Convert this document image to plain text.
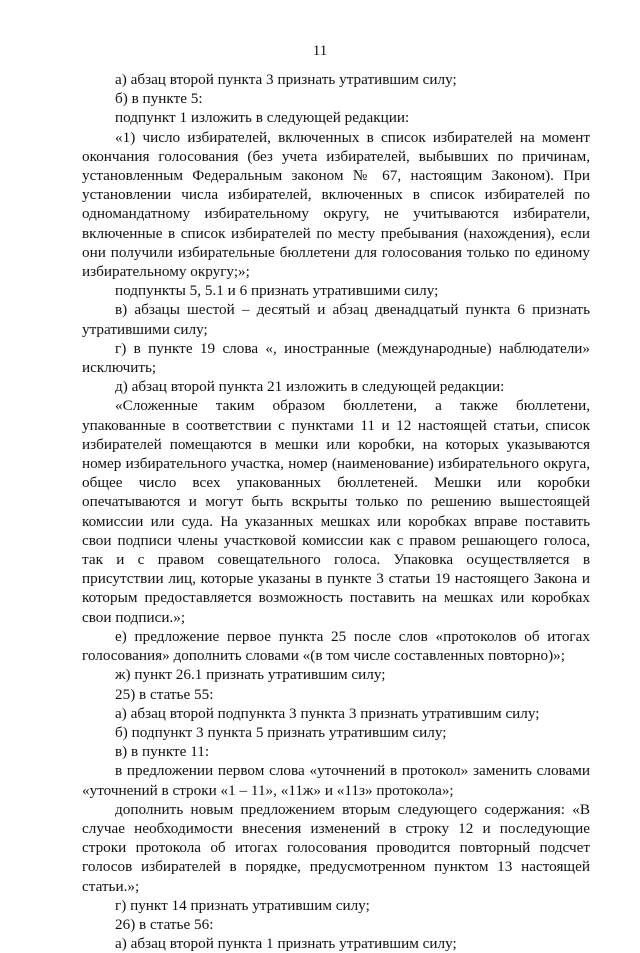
11

а) абзац второй пункта 3 признать утратившим силу;

б) в пункте 5:

подпункт 1 изложить в следующей редакции:

«1) число избирателей, включенных в список избирателей на момент окончания голосования (без учета избирателей, выбывших по причинам, установленным Федеральным законом № 67, настоящим Законом). При установлении числа избирателей, включенных в список избирателей по одномандатному избирательному округу, не учитываются избиратели, включенные в список избирателей по месту пребывания (нахождения), если они получили избирательные бюллетени для голосования только по единому избирательному округу;»;

подпункты 5, 5.1 и 6 признать утратившими силу;

в) абзацы шестой – десятый и абзац двенадцатый пункта 6 признать утратившими силу;

г) в пункте 19 слова «, иностранные (международные) наблюдатели» исключить;

д) абзац второй пункта 21 изложить в следующей редакции:

«Сложенные таким образом бюллетени, а также бюллетени, упакованные в соответствии с пунктами 11 и 12 настоящей статьи, список избирателей помещаются в мешки или коробки, на которых указываются номер избирательного участка, номер (наименование) избирательного округа, общее число всех упакованных бюллетеней. Мешки или коробки опечатываются и могут быть вскрыты только по решению вышестоящей комиссии или суда. На указанных мешках или коробках вправе поставить свои подписи члены участковой комиссии как с правом решающего голоса, так и с правом совещательного голоса. Упаковка осуществляется в присутствии лиц, которые указаны в пункте 3 статьи 19 настоящего Закона и которым предоставляется возможность поставить на мешках или коробках свои подписи.»;

е) предложение первое пункта 25 после слов «протоколов об итогах голосования» дополнить словами «(в том числе составленных повторно)»;

ж) пункт 26.1 признать утратившим силу;

25) в статье 55:

а) абзац второй подпункта 3 пункта 3 признать утратившим силу;

б) подпункт 3 пункта 5 признать утратившим силу;

в) в пункте 11:

в предложении первом слова «уточнений в протокол» заменить словами «уточнений в строки «1 – 11», «11ж» и «11з» протокола»;

дополнить новым предложением вторым следующего содержания: «В случае необходимости внесения изменений в строку 12 и последующие строки протокола об итогах голосования проводится повторный подсчет голосов избирателей в порядке, предусмотренном пунктом 13 настоящей статьи.»;

г) пункт 14 признать утратившим силу;

26) в статье 56:

а) абзац второй пункта 1 признать утратившим силу;
